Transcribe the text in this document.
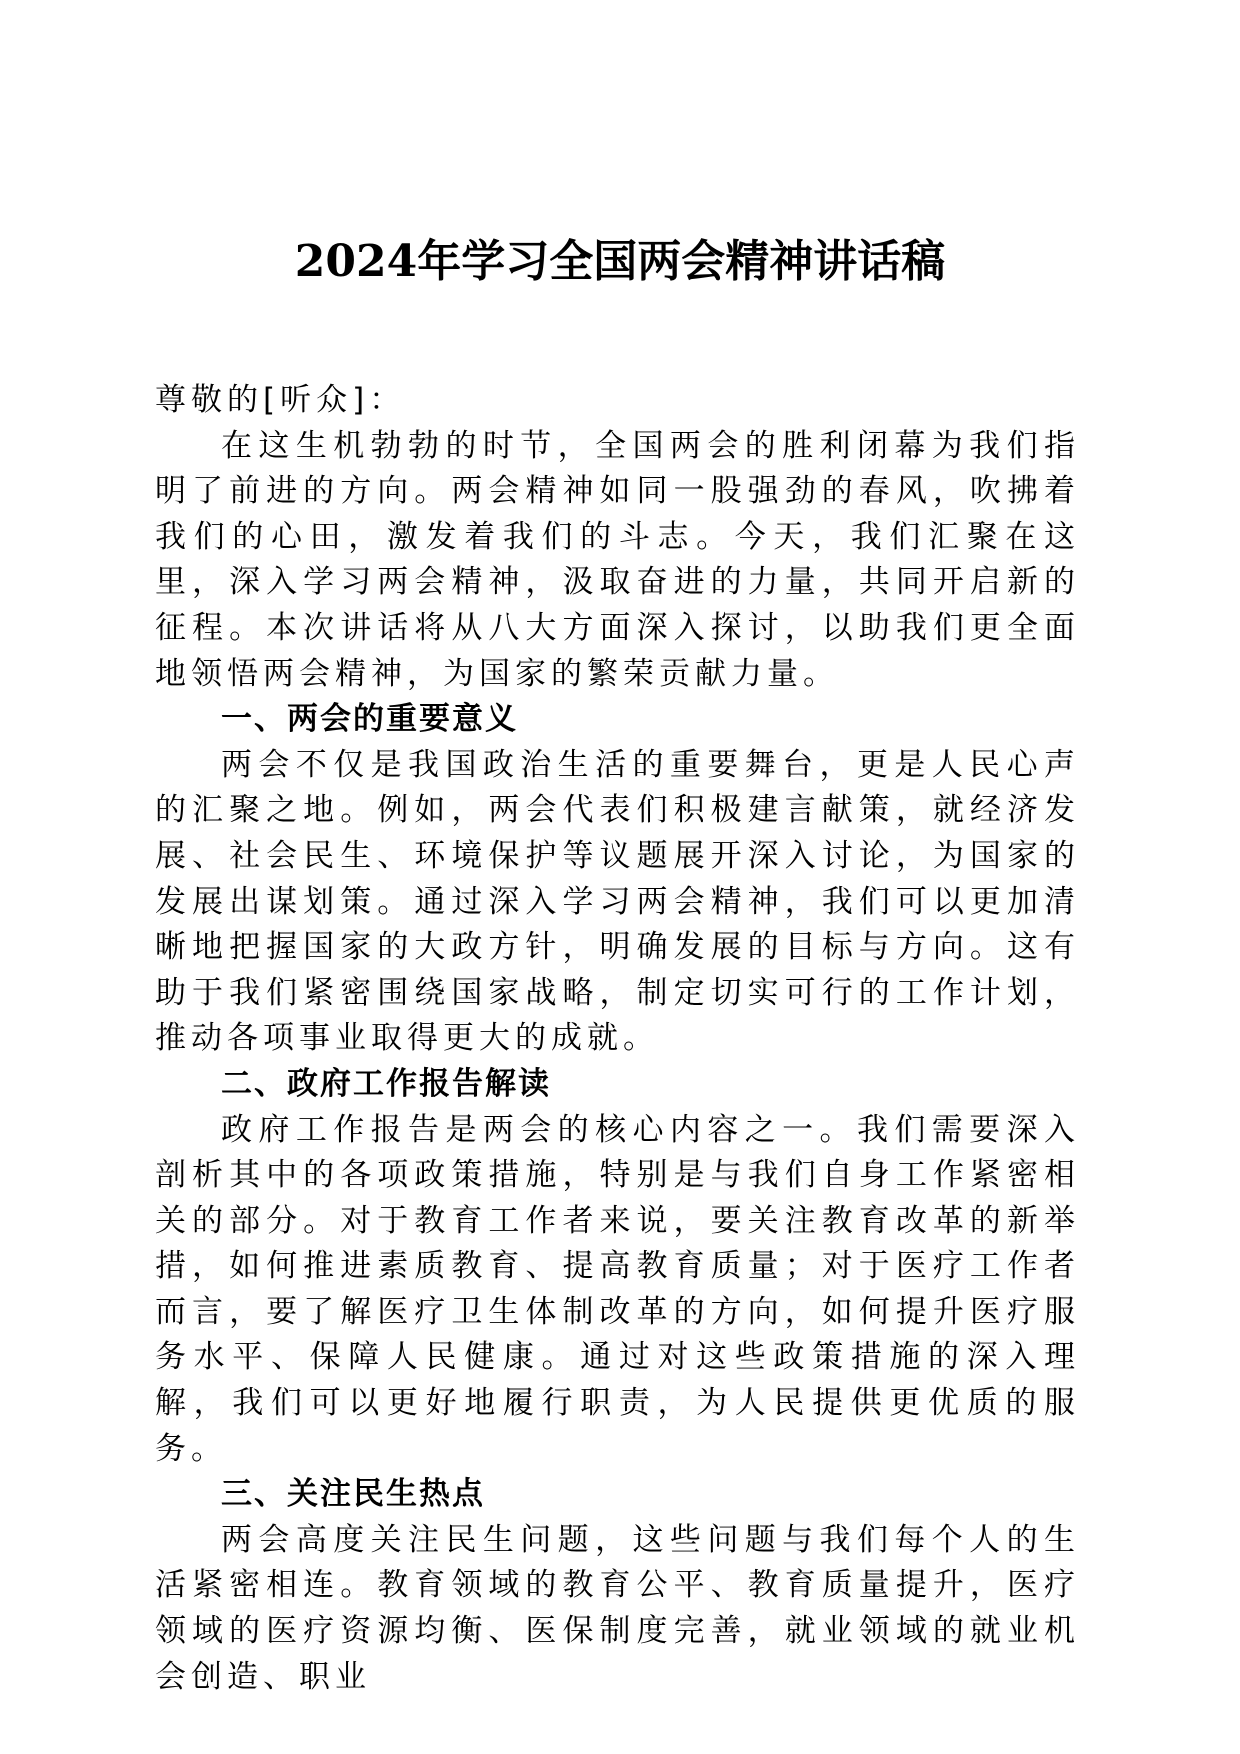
2024年学习全国两会精神讲话稿

尊敬的[听众]：

在这生机勃勃的时节，全国两会的胜利闭幕为我们指明了前进的方向。两会精神如同一股强劲的春风，吹拂着我们的心田，激发着我们的斗志。今天，我们汇聚在这里，深入学习两会精神，汲取奋进的力量，共同开启新的征程。本次讲话将从八大方面深入探讨，以助我们更全面地领悟两会精神，为国家的繁荣贡献力量。

一、两会的重要意义

两会不仅是我国政治生活的重要舞台，更是人民心声的汇聚之地。例如，两会代表们积极建言献策，就经济发展、社会民生、环境保护等议题展开深入讨论，为国家的发展出谋划策。通过深入学习两会精神，我们可以更加清晰地把握国家的大政方针，明确发展的目标与方向。这有助于我们紧密围绕国家战略，制定切实可行的工作计划，推动各项事业取得更大的成就。

二、政府工作报告解读

政府工作报告是两会的核心内容之一。我们需要深入剖析其中的各项政策措施，特别是与我们自身工作紧密相关的部分。对于教育工作者来说，要关注教育改革的新举措，如何推进素质教育、提高教育质量；对于医疗工作者而言，要了解医疗卫生体制改革的方向，如何提升医疗服务水平、保障人民健康。通过对这些政策措施的深入理解，我们可以更好地履行职责，为人民提供更优质的服务。

三、关注民生热点

两会高度关注民生问题，这些问题与我们每个人的生活紧密相连。教育领域的教育公平、教育质量提升，医疗领域的医疗资源均衡、医保制度完善，就业领域的就业机会创造、职业
